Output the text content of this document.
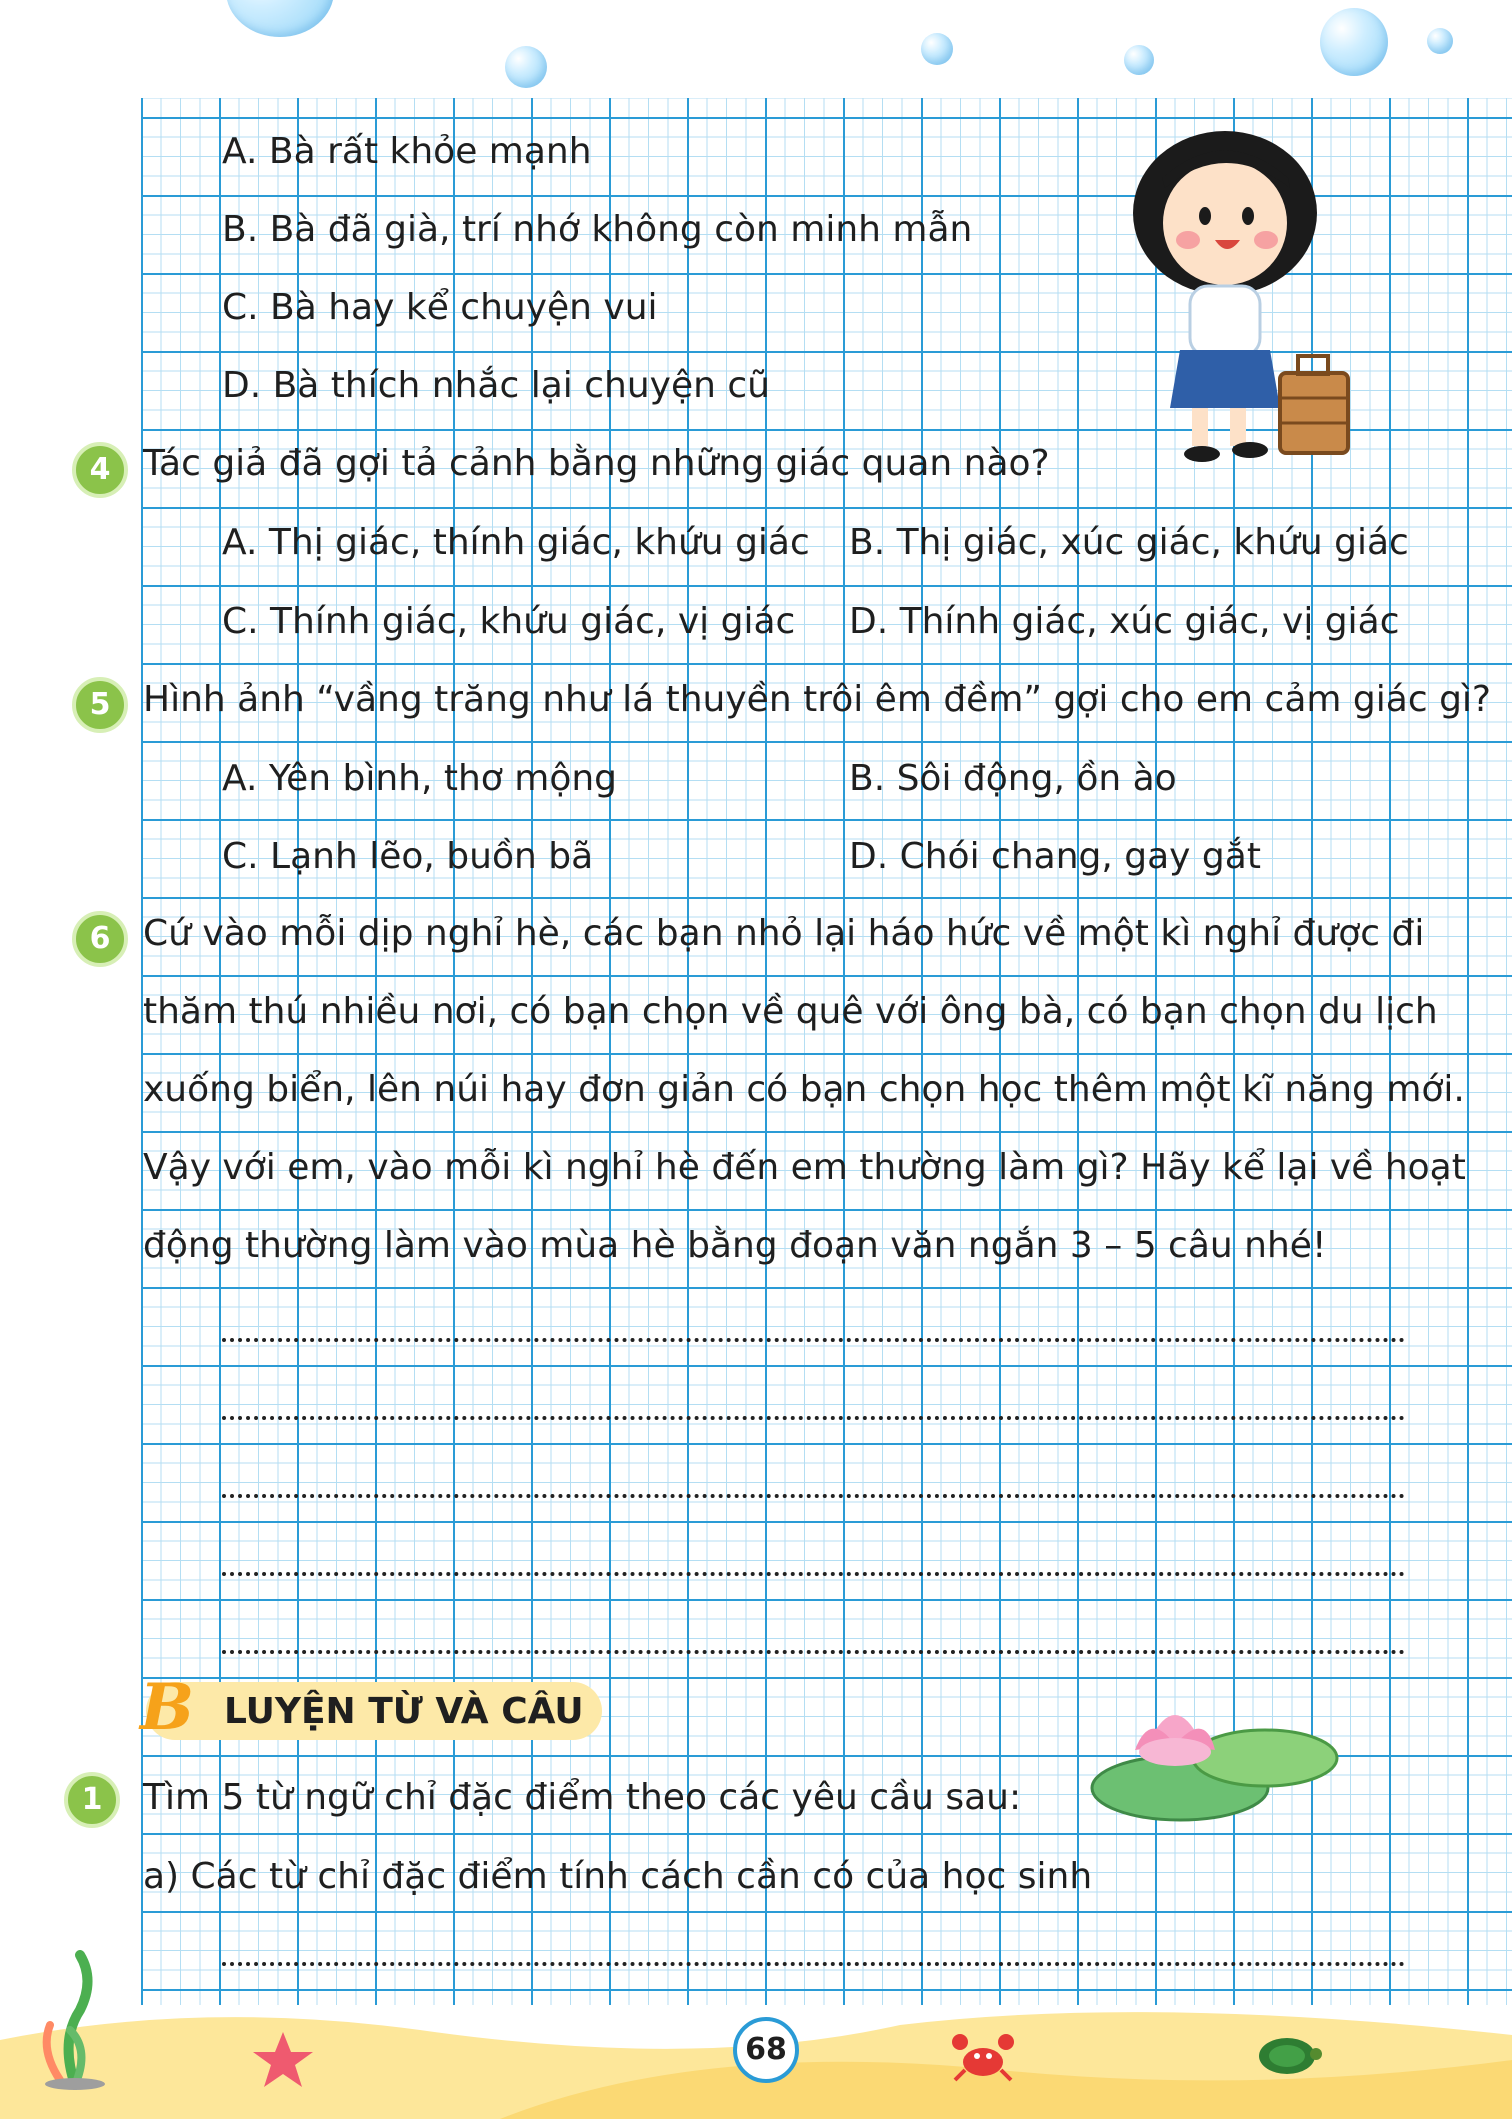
A. Bà rất khỏe mạnh
B. Bà đã già, trí nhớ không còn minh mẫn
C. Bà hay kể chuyện vui
D. Bà thích nhắc lại chuyện cũ
4 Tác giả đã gợi tả cảnh bằng những giác quan nào?
A. Thị giác, thính giác, khứu giác B. Thị giác, xúc giác, khứu giác
C. Thính giác, khứu giác, vị giác D. Thính giác, xúc giác, vị giác
5 Hình ảnh “vầng trăng như lá thuyền trôi êm đềm” gợi cho em cảm giác gì?
A. Yên bình, thơ mộng	B. Sôi động, ồn ào
C. Lạnh lẽo, buồn bã	D. Chói chang, gay gắt
6 Cứ vào mỗi dịp nghỉ hè, các bạn nhỏ lại háo hức về một kì nghỉ được đi
thăm thú nhiều nơi, có bạn chọn về quê với ông bà, có bạn chọn du lịch
xuống biển, lên núi hay đơn giản có bạn chọn học thêm một kĩ năng mới.
Vậy với em, vào mỗi kì nghỉ hè đến em thường làm gì? Hãy kể lại về hoạt
động thường làm vào mùa hè bằng đoạn văn ngắn 3 – 5 câu nhé!
B LUYỆN TỪ VÀ CÂU
1	Tìm 5 từ ngữ chỉ đặc điểm theo các yêu cầu sau:
a) Các từ chỉ đặc điểm tính cách cần có của học sinh
68
